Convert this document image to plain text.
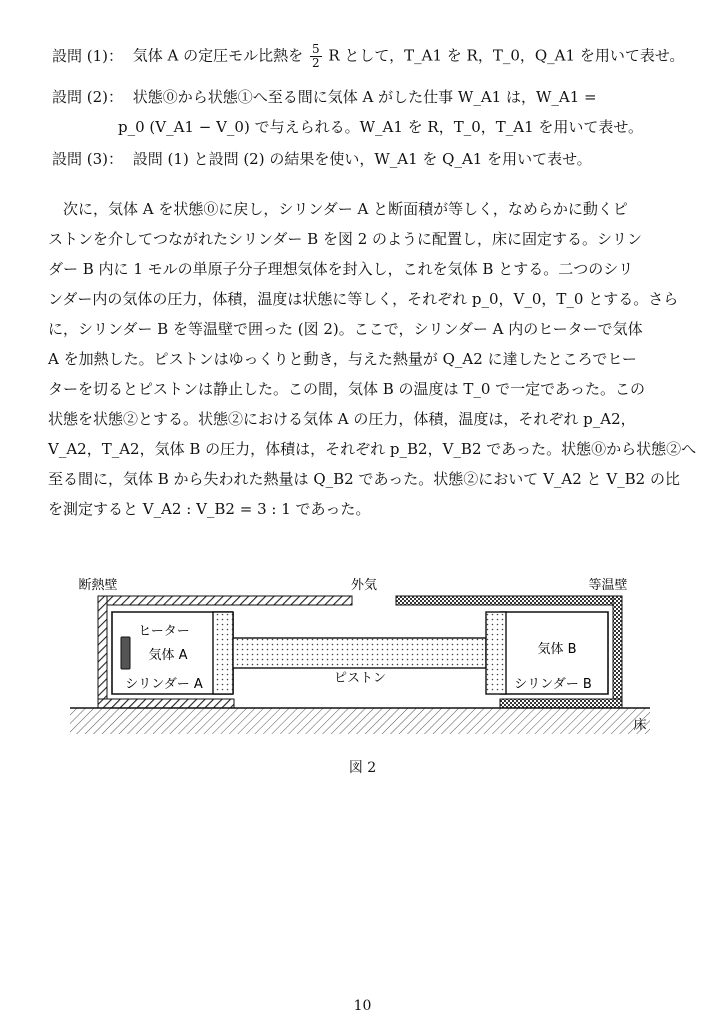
設問 (1)： 気体 A の定圧モル比熱を $\frac{5}{2}$ R として，T_A1 を R，T_0，Q_A1 を用いて表せ。
設問 (2)： 状態⓪から状態①へ至る間に気体 A がした仕事 W_A1 は，W_A1 =
p_0 (V_A1 − V_0) で与えられる。W_A1 を R，T_0，T_A1 を用いて表せ。
設問 (3)： 設問 (1) と設問 (2) の結果を使い，W_A1 を Q_A1 を用いて表せ。
次に，気体 A を状態⓪に戻し，シリンダー A と断面積が等しく，なめらかに動くピ
ストンを介してつながれたシリンダー B を図 2 のように配置し，床に固定する。シリン
ダー B 内に 1 モルの単原子分子理想気体を封入し，これを気体 B とする。二つのシリ
ンダー内の気体の圧力，体積，温度は状態に等しく，それぞれ p_0，V_0，T_0 とする。さら
に，シリンダー B を等温壁で囲った (図 2)。ここで，シリンダー A 内のヒーターで気体
A を加熱した。ピストンはゆっくりと動き，与えた熱量が Q_A2 に達したところでヒー
ターを切るとピストンは静止した。この間，気体 B の温度は T_0 で一定であった。この
状態を状態②とする。状態②における気体 A の圧力，体積，温度は，それぞれ p_A2，
V_A2，T_A2，気体 B の圧力，体積は，それぞれ p_B2，V_B2 であった。状態⓪から状態②へ
至る間に，気体 B から失われた熱量は Q_B2 であった。状態②において V_A2 と V_B2 の比
を測定すると V_A2 : V_B2 = 3 : 1 であった。
断熱壁	外気	等温壁
ヒーター
気体 A
シリンダー A	ピストン
気体 B
シリンダー B
床
図 2
10
